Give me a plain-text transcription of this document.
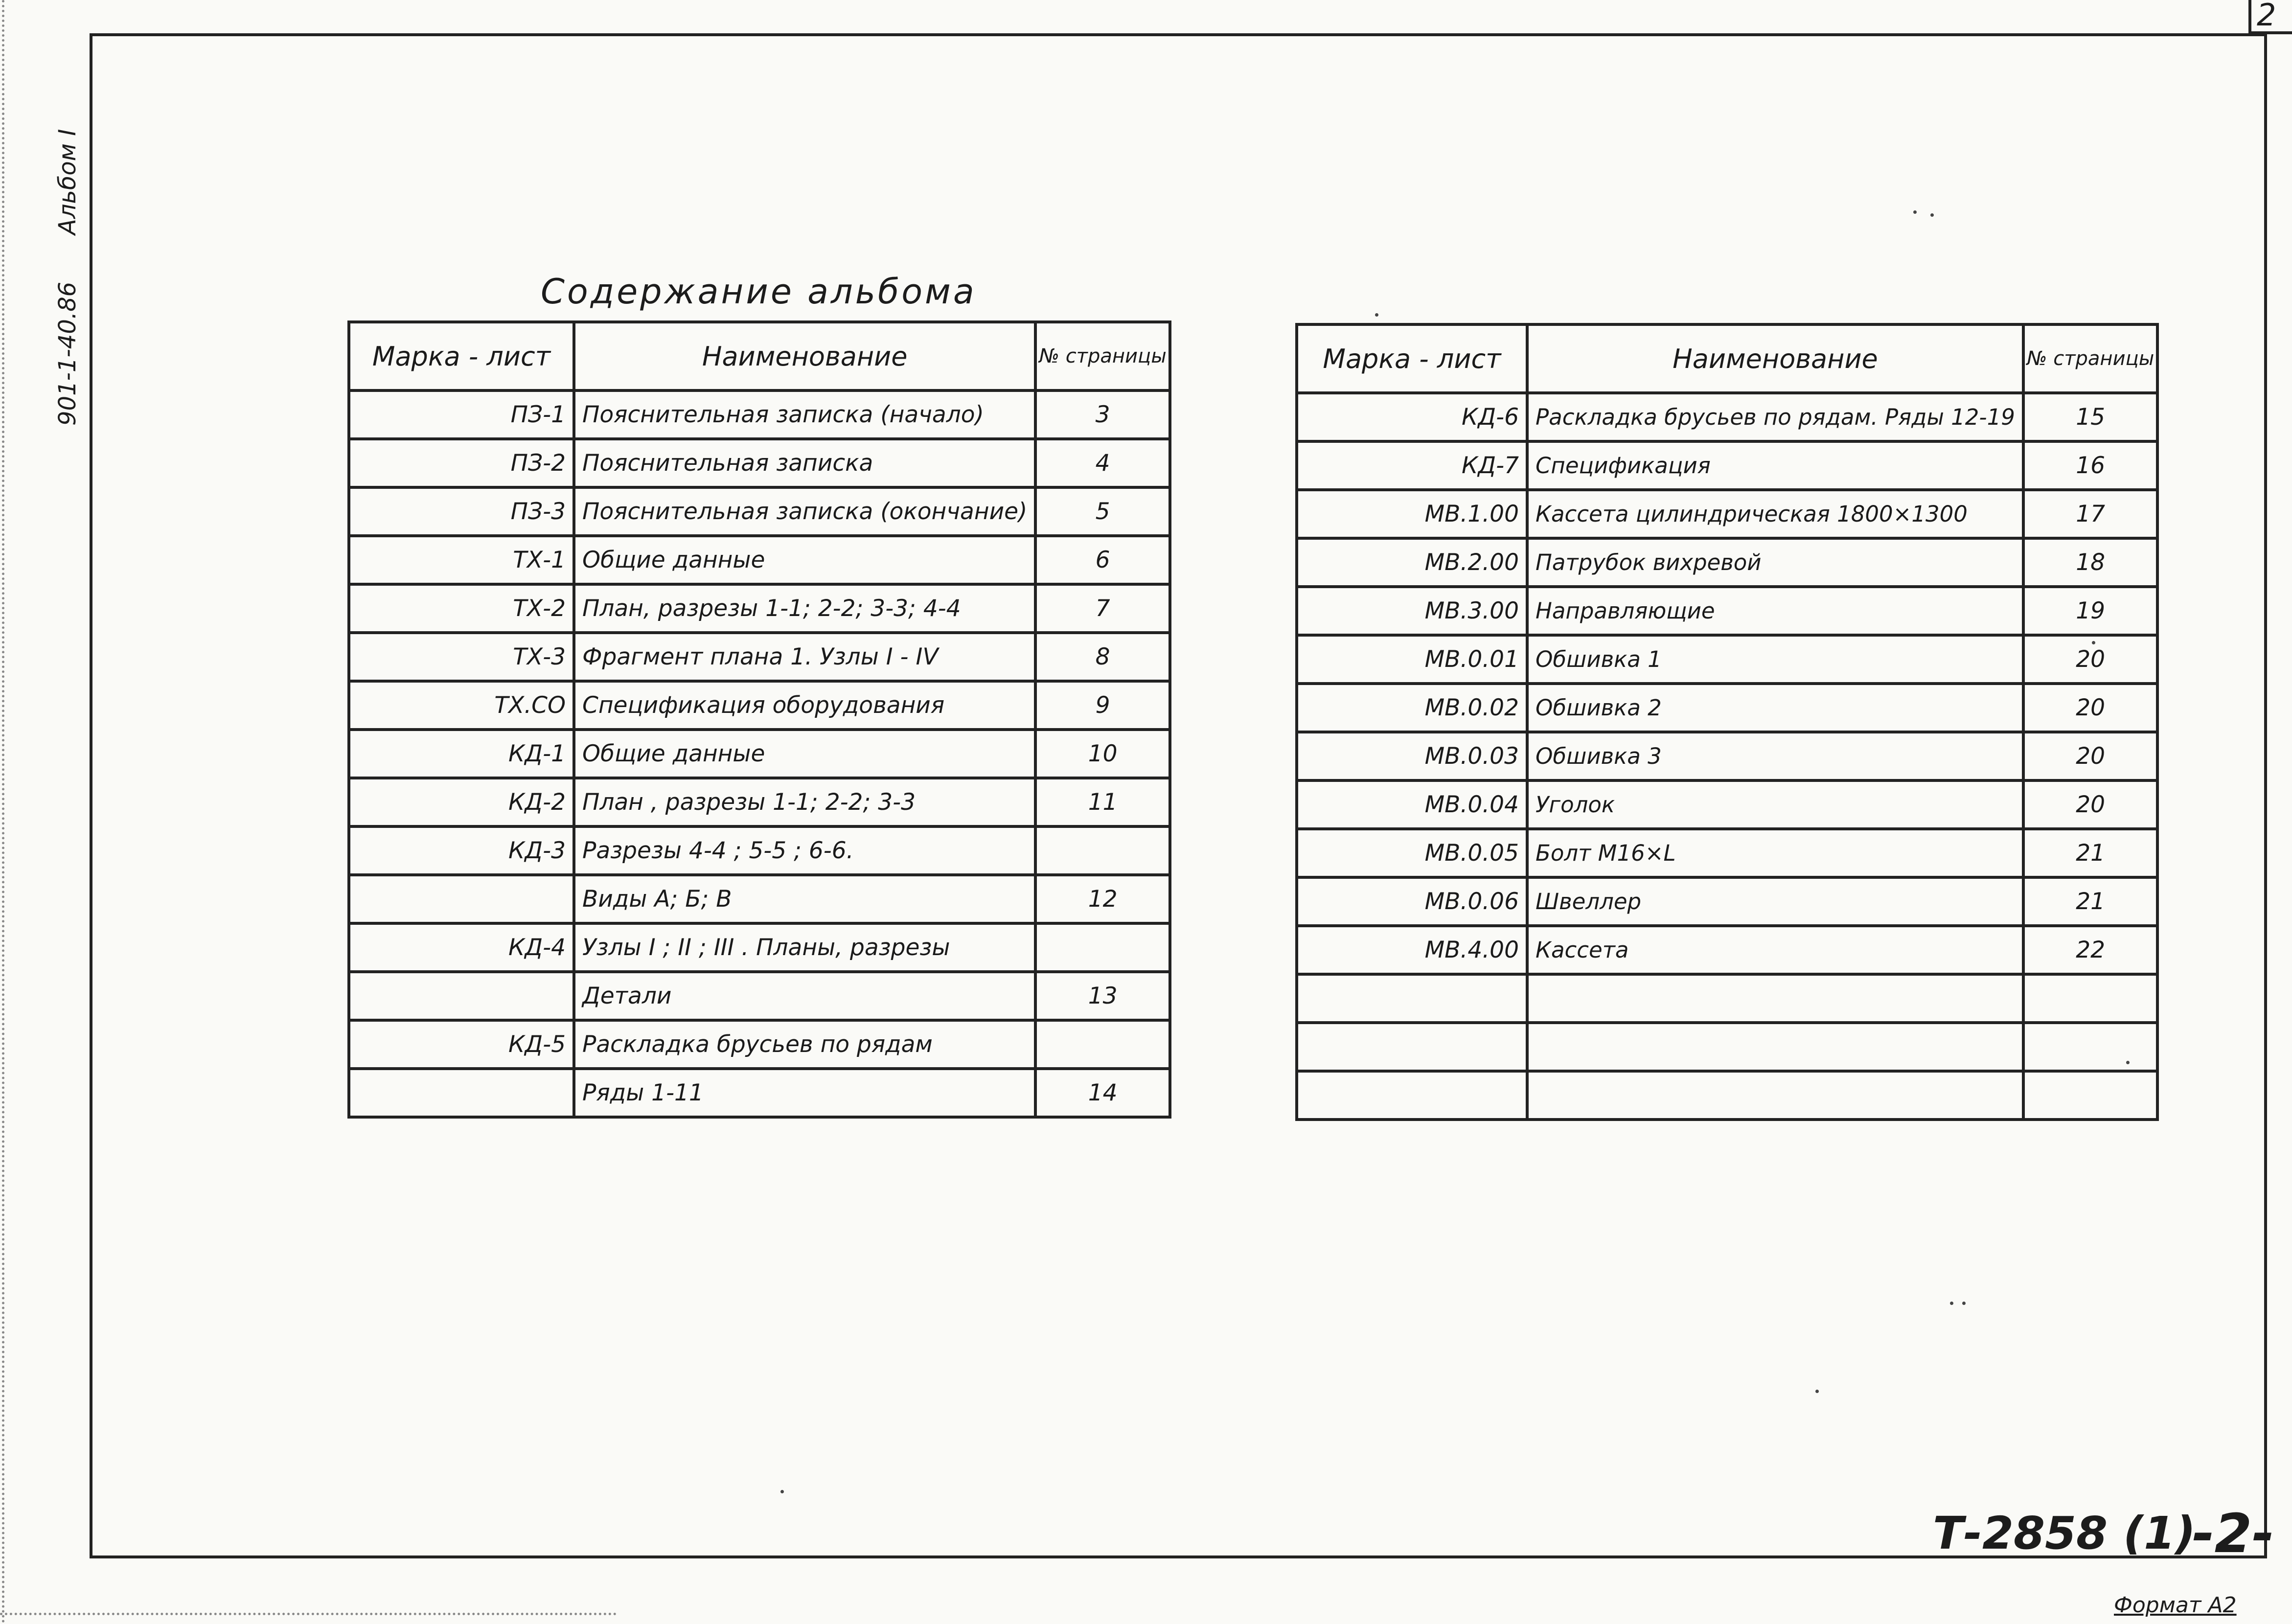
2
Альбом I
901-1-40.86	Содержание альбома
Марка - лист	Наименование	№ страницы
ПЗ-1	Пояснительная записка (начало)	3
ПЗ-2	Пояснительная записка	4
ПЗ-3	Пояснительная записка (окончание)	5
ТХ-1	Общие данные	6
ТХ-2	План, разрезы 1-1; 2-2; 3-3; 4-4	7
ТХ-3	Фрагмент плана 1. Узлы I - IV	8
ТХ.СО	Спецификация оборудования	9
КД-1	Общие данные	10
КД-2	План , разрезы 1-1; 2-2; 3-3	11
КД-3	Разрезы 4-4 ; 5-5 ; 6-6.	
	Виды А; Б; В	12
КД-4	Узлы I ; II ; III . Планы, разрезы	
	Детали	13
КД-5	Раскладка брусьев по рядам	
	Ряды 1-11	14
Марка - лист	Наименование	№ страницы
КД-6	Раскладка брусьев по рядам. Ряды 12-19	15
КД-7	Спецификация	16
МВ.1.00	Кассета цилиндрическая 1800×1300	17
МВ.2.00	Патрубок вихревой	18
МВ.3.00	Направляющие	19
МВ.0.01	Обшивка 1	20
МВ.0.02	Обшивка 2	20
МВ.0.03	Обшивка 3	20
МВ.0.04	Уголок	20
МВ.0.05	Болт М16×L	21
МВ.0.06	Швеллер	21
МВ.4.00	Кассета	22

Т-2858 (1)
-2-
Формат А2
